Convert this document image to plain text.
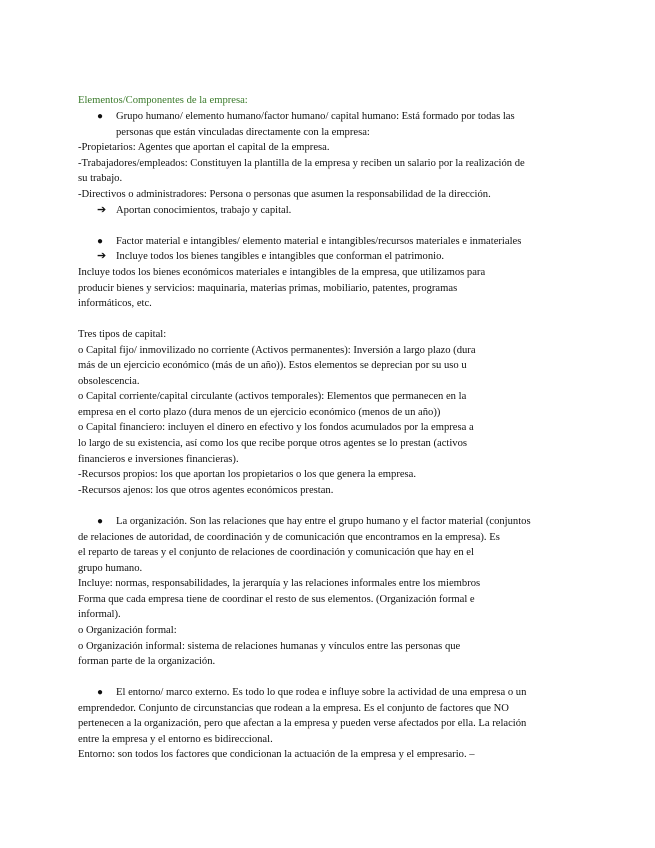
Elementos/Componentes de la empresa:
● Grupo humano/ elemento humano/factor humano/ capital humano: Está formado por todas las
personas que están vinculadas directamente con la empresa:
-Propietarios: Agentes que aportan el capital de la empresa.
-Trabajadores/empleados: Constituyen la plantilla de la empresa y reciben un salario por la realización de
su trabajo.
-Directivos o administradores: Persona o personas que asumen la responsabilidad de la dirección.
➔ Aportan conocimientos, trabajo y capital.
● Factor material e intangibles/ elemento material e intangibles/recursos materiales e inmateriales
➔ Incluye todos los bienes tangibles e intangibles que conforman el patrimonio.
Incluye todos los bienes económicos materiales e intangibles de la empresa, que utilizamos para
producir bienes y servicios: maquinaria, materias primas, mobiliario, patentes, programas
informáticos, etc.
Tres tipos de capital:
o Capital fijo/ inmovilizado no corriente (Activos permanentes): Inversión a largo plazo (dura
más de un ejercicio económico (más de un año)). Estos elementos se deprecian por su uso u
obsolescencia.
o Capital corriente/capital circulante (activos temporales): Elementos que permanecen en la
empresa en el corto plazo (dura menos de un ejercicio económico (menos de un año))
o Capital financiero: incluyen el dinero en efectivo y los fondos acumulados por la empresa a
lo largo de su existencia, así como los que recibe porque otros agentes se lo prestan (activos
financieros e inversiones financieras).
-Recursos propios: los que aportan los propietarios o los que genera la empresa.
-Recursos ajenos: los que otros agentes económicos prestan.
● La organización. Son las relaciones que hay entre el grupo humano y el factor material (conjuntos
de relaciones de autoridad, de coordinación y de comunicación que encontramos en la empresa). Es
el reparto de tareas y el conjunto de relaciones de coordinación y comunicación que hay en el
grupo humano.
Incluye: normas, responsabilidades, la jerarquía y las relaciones informales entre los miembros
Forma que cada empresa tiene de coordinar el resto de sus elementos. (Organización formal e
informal).
o Organización formal:
o Organización informal: sistema de relaciones humanas y vínculos entre las personas que
forman parte de la organización.
● El entorno/ marco externo. Es todo lo que rodea e influye sobre la actividad de una empresa o un
emprendedor. Conjunto de circunstancias que rodean a la empresa. Es el conjunto de factores que NO
pertenecen a la organización, pero que afectan a la empresa y pueden verse afectados por ella. La relación
entre la empresa y el entorno es bidireccional.
Entorno: son todos los factores que condicionan la actuación de la empresa y el empresario. –
